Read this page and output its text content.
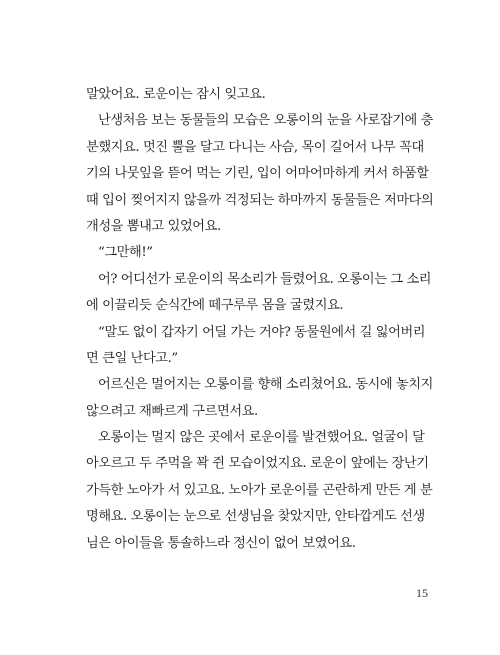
말았어요. 로운이는 잠시 잊고요.
난생처음 보는 동물들의 모습은 오롱이의 눈을 사로잡기에 충
분했지요. 멋진 뿔을 달고 다니는 사슴, 목이 길어서 나무 꼭대
기의 나뭇잎을 뜯어 먹는 기린, 입이 어마어마하게 커서 하품할
때 입이 찢어지지 않을까 걱정되는 하마까지 동물들은 저마다의
개성을 뽐내고 있었어요.
“그만해!”
어? 어디선가 로운이의 목소리가 들렸어요. 오롱이는 그 소리
에 이끌리듯 순식간에 떼구루루 몸을 굴렸지요.
“말도 없이 갑자기 어딜 가는 거야? 동물원에서 길 잃어버리
면 큰일 난다고.”
어르신은 멀어지는 오롱이를 향해 소리쳤어요. 동시에 놓치지
않으려고 재빠르게 구르면서요.
오롱이는 멀지 않은 곳에서 로운이를 발견했어요. 얼굴이 달
아오르고 두 주먹을 꽉 쥔 모습이었지요. 로운이 앞에는 장난기
가득한 노아가 서 있고요. 노아가 로운이를 곤란하게 만든 게 분
명해요. 오롱이는 눈으로 선생님을 찾았지만, 안타깝게도 선생
님은 아이들을 통솔하느라 정신이 없어 보였어요.
15
